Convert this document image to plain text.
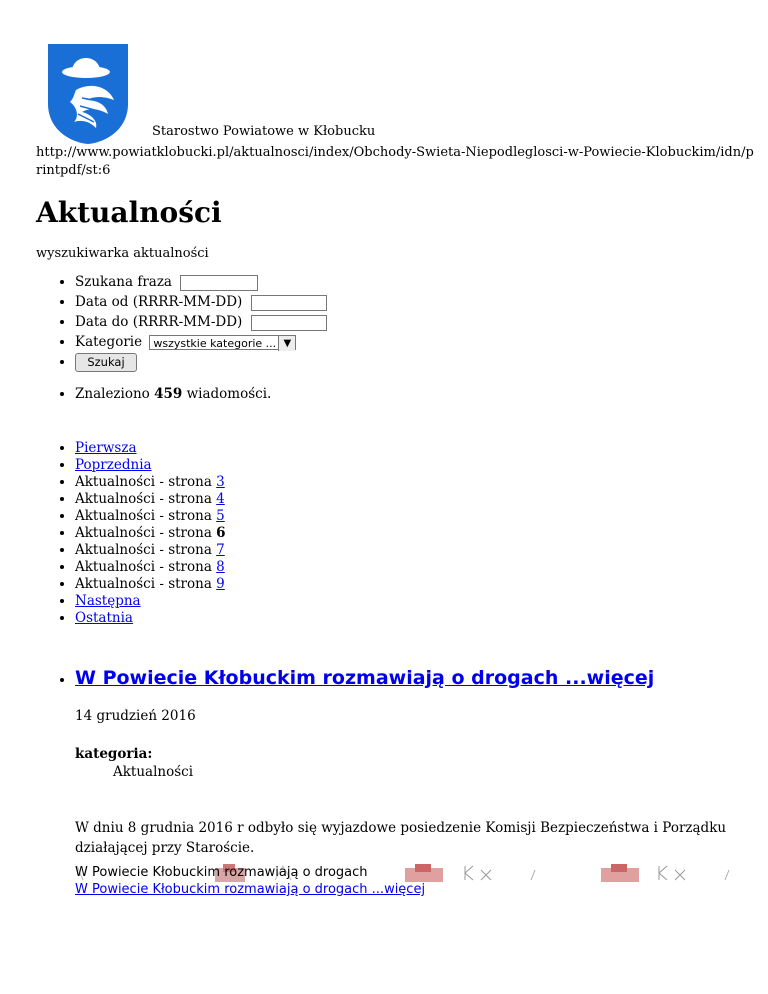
Starostwo Powiatowe w Kłobucku
http://www.powiatklobucki.pl/aktualnosci/index/Obchody-Swieta-Niepodleglosci-w-Powiecie-Klobuckim/idn/printpdf/st:6
Aktualności
wyszukiwarka aktualności
• Szukana fraza
• Data od (RRRR-MM-DD)
• Data do (RRRR-MM-DD)
• Kategorie wszystkie kategorie ... ▼
• Szukaj
• Znaleziono 459 wiadomości.
• Pierwsza
• Poprzednia
• Aktualności - strona 3
• Aktualności - strona 4
• Aktualności - strona 5
• Aktualności - strona 6
• Aktualności - strona 7
• Aktualności - strona 8
• Aktualności - strona 9
• Następna
• Ostatnia
• W Powiecie Kłobuckim rozmawiają o drogach ...więcej
14 grudzień 2016
kategoria:
Aktualności
W dniu 8 grudnia 2016 r odbyło się wyjazdowe posiedzenie Komisji Bezpieczeństwa i Porządku działającej przy Staroście.
W Powiecie Kłobuckim rozmawiają o drogach
W Powiecie Kłobuckim rozmawiają o drogach ...więcej
